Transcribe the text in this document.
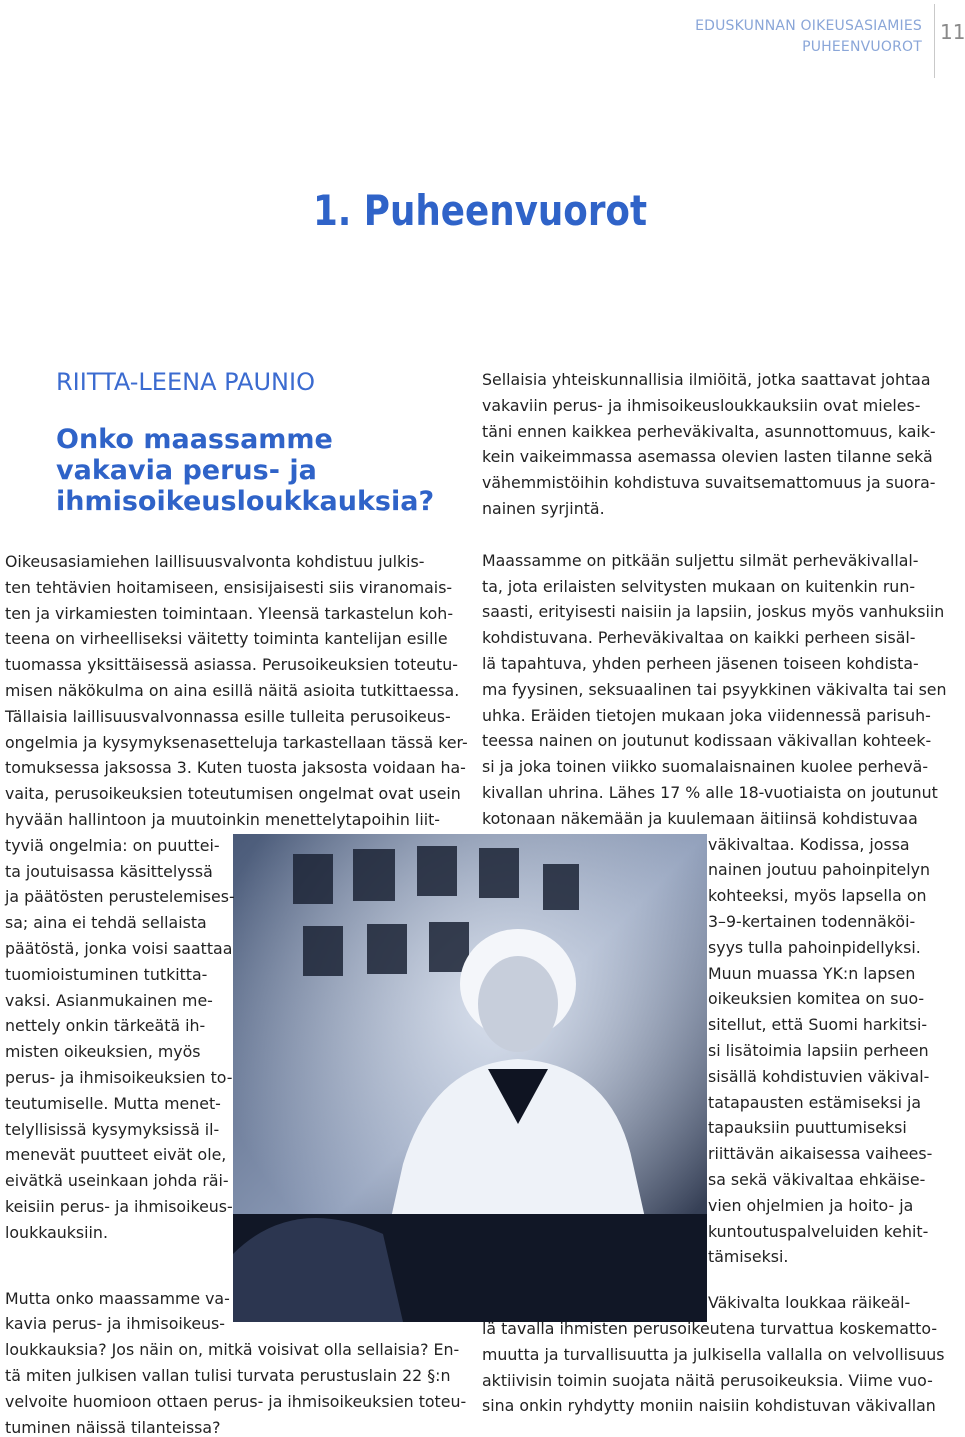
EDUSKUNNAN OIKEUSASIAMIES
PUHEENVUOROT
11
1. Puheenvuorot
RIITTA-LEENA PAUNIO
Onko maassamme
vakavia perus- ja
ihmisoikeusloukkauksia?
Oikeusasiamiehen laillisuusvalvonta kohdistuu julkis-
ten tehtävien hoitamiseen, ensisijaisesti siis viranomais-
ten ja virkamiesten toimintaan. Yleensä tarkastelun koh-
teena on virheelliseksi väitetty toiminta kantelijan esille
tuomassa yksittäisessä asiassa. Perusoikeuksien toteutu-
misen näkökulma on aina esillä näitä asioita tutkittaessa.
Tällaisia laillisuusvalvonnassa esille tulleita perusoikeus-
ongelmia ja kysymyksenasetteluja tarkastellaan tässä ker-
tomuksessa jaksossa 3. Kuten tuosta jaksosta voidaan ha-
vaita, perusoikeuksien toteutumisen ongelmat ovat usein
hyvään hallintoon ja muutoinkin menettelytapoihin liit-
tyviä ongelmia: on puuttei-
ta joutuisassa käsittelyssä
ja päätösten perustelemises-
sa; aina ei tehdä sellaista
päätöstä, jonka voisi saattaa
tuomioistuminen tutkitta-
vaksi. Asianmukainen me-
nettely onkin tärkeätä ih-
misten oikeuksien, myös
perus- ja ihmisoikeuksien to-
teutumiselle. Mutta menet-
telyllisissä kysymyksissä il-
menevät puutteet eivät ole,
eivätkä useinkaan johda räi-
keisiin perus- ja ihmisoikeus-
loukkauksiin.
Mutta onko maassamme va-
kavia perus- ja ihmisoikeus-
loukkauksia? Jos näin on, mitkä voisivat olla sellaisia? En-
tä miten julkisen vallan tulisi turvata perustuslain 22 §:n
velvoite huomioon ottaen perus- ja ihmisoikeuksien toteu-
tuminen näissä tilanteissa?
Sellaisia yhteiskunnallisia ilmiöitä, jotka saattavat johtaa
vakaviin perus- ja ihmisoikeusloukkauksiin ovat mieles-
täni ennen kaikkea perheväkivalta, asunnottomuus, kaik-
kein vaikeimmassa asemassa olevien lasten tilanne sekä
vähemmistöihin kohdistuva suvaitsemattomuus ja suora-
nainen syrjintä.
Maassamme on pitkään suljettu silmät perheväkivallal-
ta, jota erilaisten selvitysten mukaan on kuitenkin run-
saasti, erityisesti naisiin ja lapsiin, joskus myös vanhuksiin
kohdistuvana. Perheväkivaltaa on kaikki perheen sisäl-
lä tapahtuva, yhden perheen jäsenen toiseen kohdista-
ma fyysinen, seksuaalinen tai psyykkinen väkivalta tai sen
uhka. Eräiden tietojen mukaan joka viidennessä parisuh-
teessa nainen on joutunut kodissaan väkivallan kohteek-
si ja joka toinen viikko suomalaisnainen kuolee perhevä-
kivallan uhrina. Lähes 17 % alle 18-vuotiaista on joutunut
kotonaan näkemään ja kuulemaan äitiinsä kohdistuvaa
väkivaltaa. Kodissa, jossa
nainen joutuu pahoinpitelyn
kohteeksi, myös lapsella on
3–9-kertainen todennäköi-
syys tulla pahoinpidellyksi.
Muun muassa YK:n lapsen
oikeuksien komitea on suo-
sitellut, että Suomi harkitsi-
si lisätoimia lapsiin perheen
sisällä kohdistuvien väkival-
tatapausten estämiseksi ja
tapauksiin puuttumiseksi
riittävän aikaisessa vaihees-
sa sekä väkivaltaa ehkäise-
vien ohjelmien ja hoito- ja
kuntoutuspalveluiden kehit-
tämiseksi.
Väkivalta loukkaa räikeäl-
lä tavalla ihmisten perusoikeutena turvattua koskematto-
muutta ja turvallisuutta ja julkisella vallalla on velvollisuus
aktiivisin toimin suojata näitä perusoikeuksia. Viime vuo-
sina onkin ryhdytty moniin naisiin kohdistuvan väkivallan
